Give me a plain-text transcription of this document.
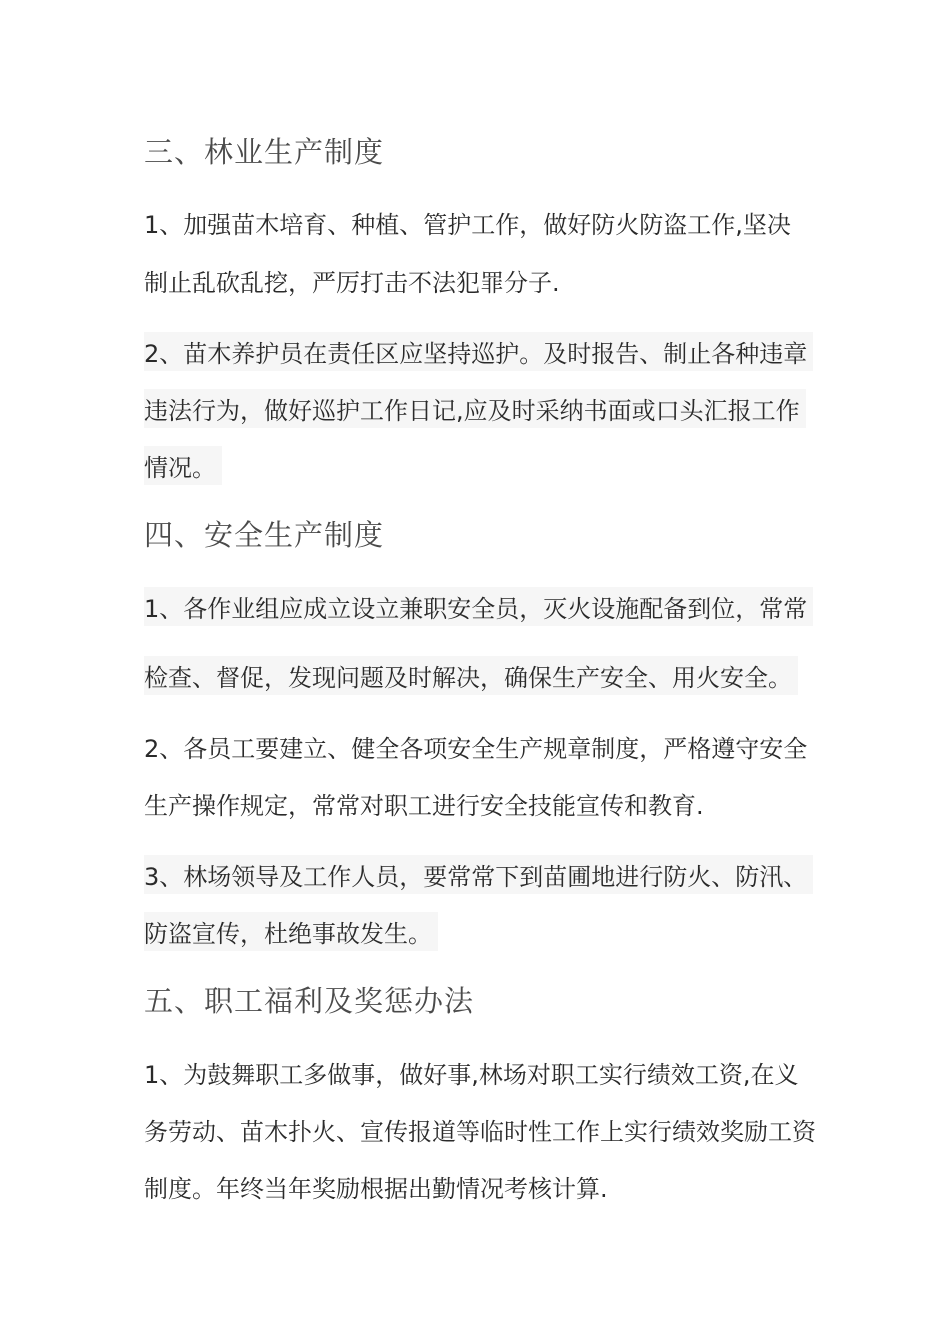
三、林业生产制度
1、加强苗木培育、种植、管护工作，做好防火防盗工作,坚决
制止乱砍乱挖，严厉打击不法犯罪分子.
2、苗木养护员在责任区应坚持巡护。及时报告、制止各种违章
违法行为，做好巡护工作日记,应及时采纳书面或口头汇报工作
情况。
四、安全生产制度
1、各作业组应成立设立兼职安全员，灭火设施配备到位，常常
检查、督促，发现问题及时解决，确保生产安全、用火安全。
2、各员工要建立、健全各项安全生产规章制度，严格遵守安全
生产操作规定，常常对职工进行安全技能宣传和教育.
3、林场领导及工作人员，要常常下到苗圃地进行防火、防汛、
防盗宣传，杜绝事故发生。
五、职工福利及奖惩办法
1、为鼓舞职工多做事，做好事,林场对职工实行绩效工资,在义
务劳动、苗木扑火、宣传报道等临时性工作上实行绩效奖励工资
制度。年终当年奖励根据出勤情况考核计算.
